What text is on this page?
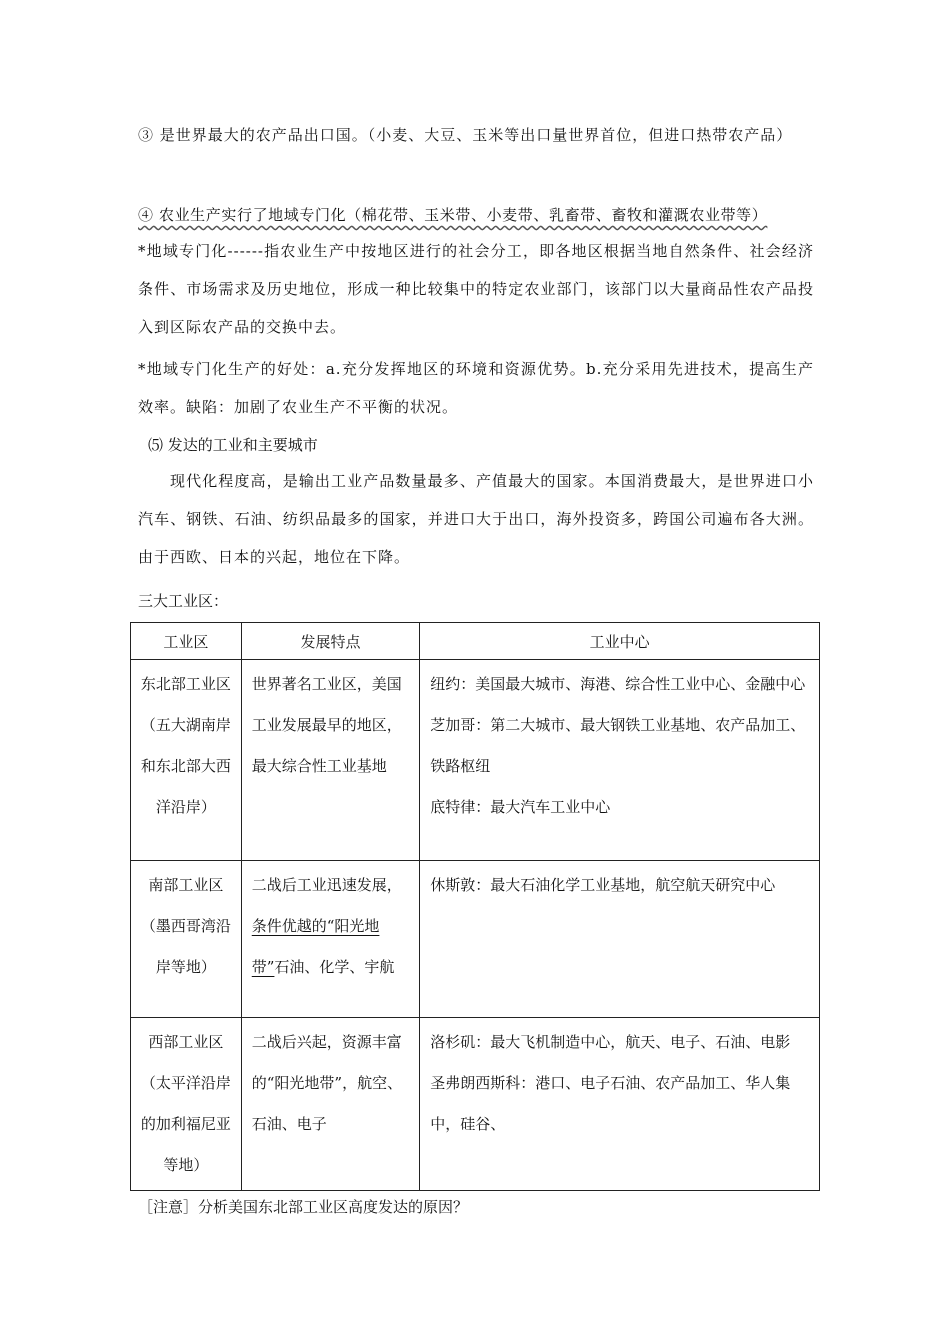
③ 是世界最大的农产品出口国。（小麦、大豆、玉米等出口量世界首位，但进口热带农产品）

④ 农业生产实行了地域专门化（棉花带、玉米带、小麦带、乳畜带、畜牧和灌溉农业带等）

*地域专门化------指农业生产中按地区进行的社会分工，即各地区根据当地自然条件、社会经济条件、市场需求及历史地位，形成一种比较集中的特定农业部门，该部门以大量商品性农产品投入到区际农产品的交换中去。

*地域专门化生产的好处：a.充分发挥地区的环境和资源优势。b.充分采用先进技术，提高生产效率。缺陷：加剧了农业生产不平衡的状况。

⑸ 发达的工业和主要城市

现代化程度高，是输出工业产品数量最多、产值最大的国家。本国消费最大，是世界进口小汽车、钢铁、石油、纺织品最多的国家，并进口大于出口，海外投资多，跨国公司遍布各大洲。由于西欧、日本的兴起，地位在下降。

三大工业区：

工业区	发展特点	工业中心

东北部工业区（五大湖南岸和东北部大西洋沿岸）	世界著名工业区，美国工业发展最早的地区，最大综合性工业基地	纽约：美国最大城市、海港、综合性工业中心、金融中心
芝加哥：第二大城市、最大钢铁工业基地、农产品加工、铁路枢纽
底特律：最大汽车工业中心

南部工业区（墨西哥湾沿岸等地）	二战后工业迅速发展，条件优越的“阳光地带”石油、化学、宇航	休斯敦：最大石油化学工业基地，航空航天研究中心

西部工业区（太平洋沿岸的加利福尼亚等地）	二战后兴起，资源丰富的“阳光地带”，航空、石油、电子	洛杉矶：最大飞机制造中心，航天、电子、石油、电影
圣弗朗西斯科：港口、电子石油、农产品加工、华人集中，硅谷、

［注意］分析美国东北部工业区高度发达的原因？
